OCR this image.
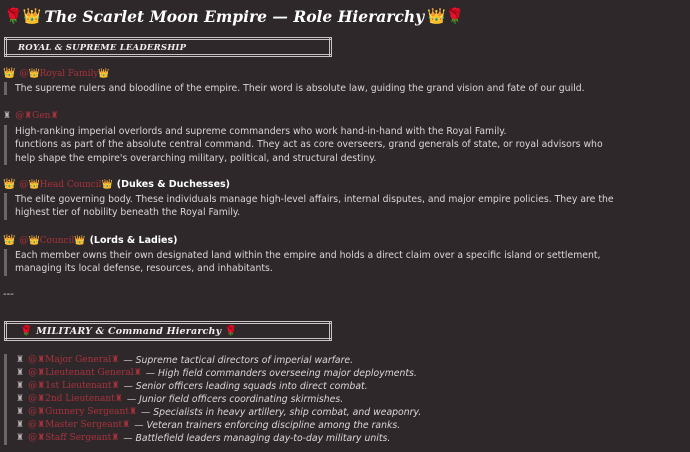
🌹👑 The Scarlet Moon Empire — Role Hierarchy 👑🌹
ROYAL & SUPREME LEADERSHIP
👑 @👑Royal Family👑
The supreme rulers and bloodline of the empire. Their word is absolute law, guiding the grand vision and fate of our guild.
♜ @♜Gen♜
High-ranking imperial overlords and supreme commanders who work hand-in-hand with the Royal Family.
functions as part of the absolute central command. They act as core overseers, grand generals of state, or royal advisors who help shape the empire's overarching military, political, and structural destiny.
👑 @👑Head Council👑 (Dukes & Duchesses)
The elite governing body. These individuals manage high-level affairs, internal disputes, and major empire policies. They are the highest tier of nobility beneath the Royal Family.
👑 @👑Council👑 (Lords & Ladies)
Each member owns their own designated land within the empire and holds a direct claim over a specific island or settlement, managing its local defense, resources, and inhabitants.
---
🌹 MILITARY & Command Hierarchy 🌹
♜ @♜Major General♜ — Supreme tactical directors of imperial warfare.
♜ @♜Lieutenant General♜ — High field commanders overseeing major deployments.
♜ @♜1st Lieutenant♜ — Senior officers leading squads into direct combat.
♜ @♜2nd Lieutenant♜ — Junior field officers coordinating skirmishes.
♜ @♜Gunnery Sergeant♜ — Specialists in heavy artillery, ship combat, and weaponry.
♜ @♜Master Sergeant♜ — Veteran trainers enforcing discipline among the ranks.
♜ @♜Staff Sergeant♜ — Battlefield leaders managing day-to-day military units.
